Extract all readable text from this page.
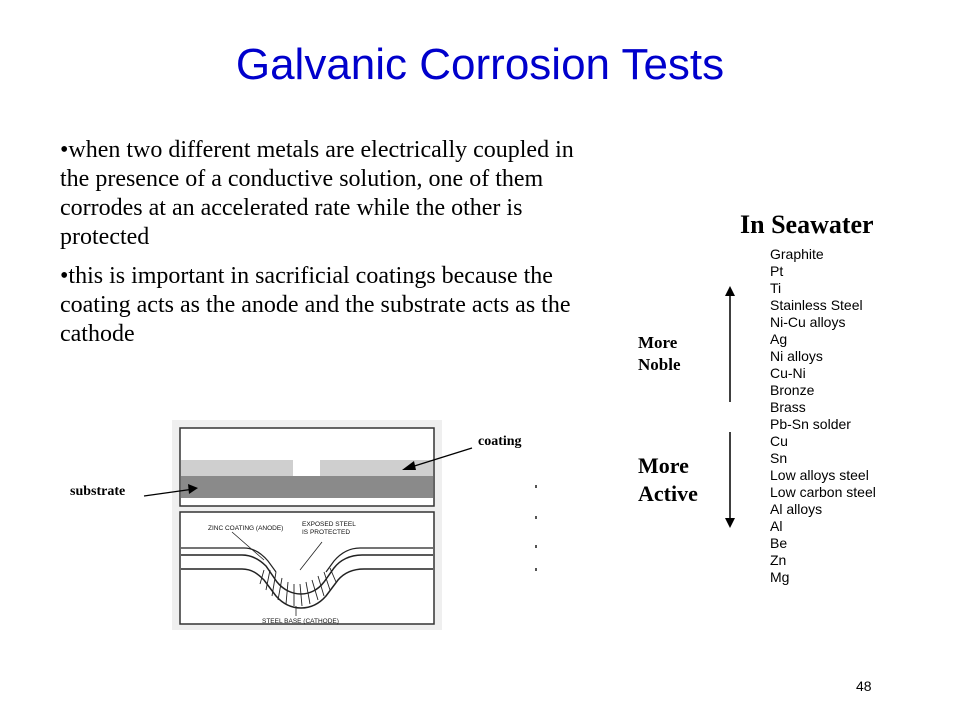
Galvanic Corrosion Tests
•when two different metals are electrically coupled in the presence of a conductive solution, one of them corrodes at an accelerated rate while the other is protected
•this is important in sacrificial coatings because the coating acts as the anode and the substrate acts as the cathode
In Seawater
Graphite
Pt
Ti
Stainless Steel
Ni-Cu alloys
Ag
Ni alloys
Cu-Ni
Bronze
Brass
Pb-Sn solder
Cu
Sn
Low alloys steel
Low carbon steel
Al alloys
Al
Be
Zn
Mg
More Noble
More Active
ZINC COATING (ANODE)
EXPOSED STEEL
IS PROTECTED
STEEL BASE (CATHODE)
coating
substrate
48
